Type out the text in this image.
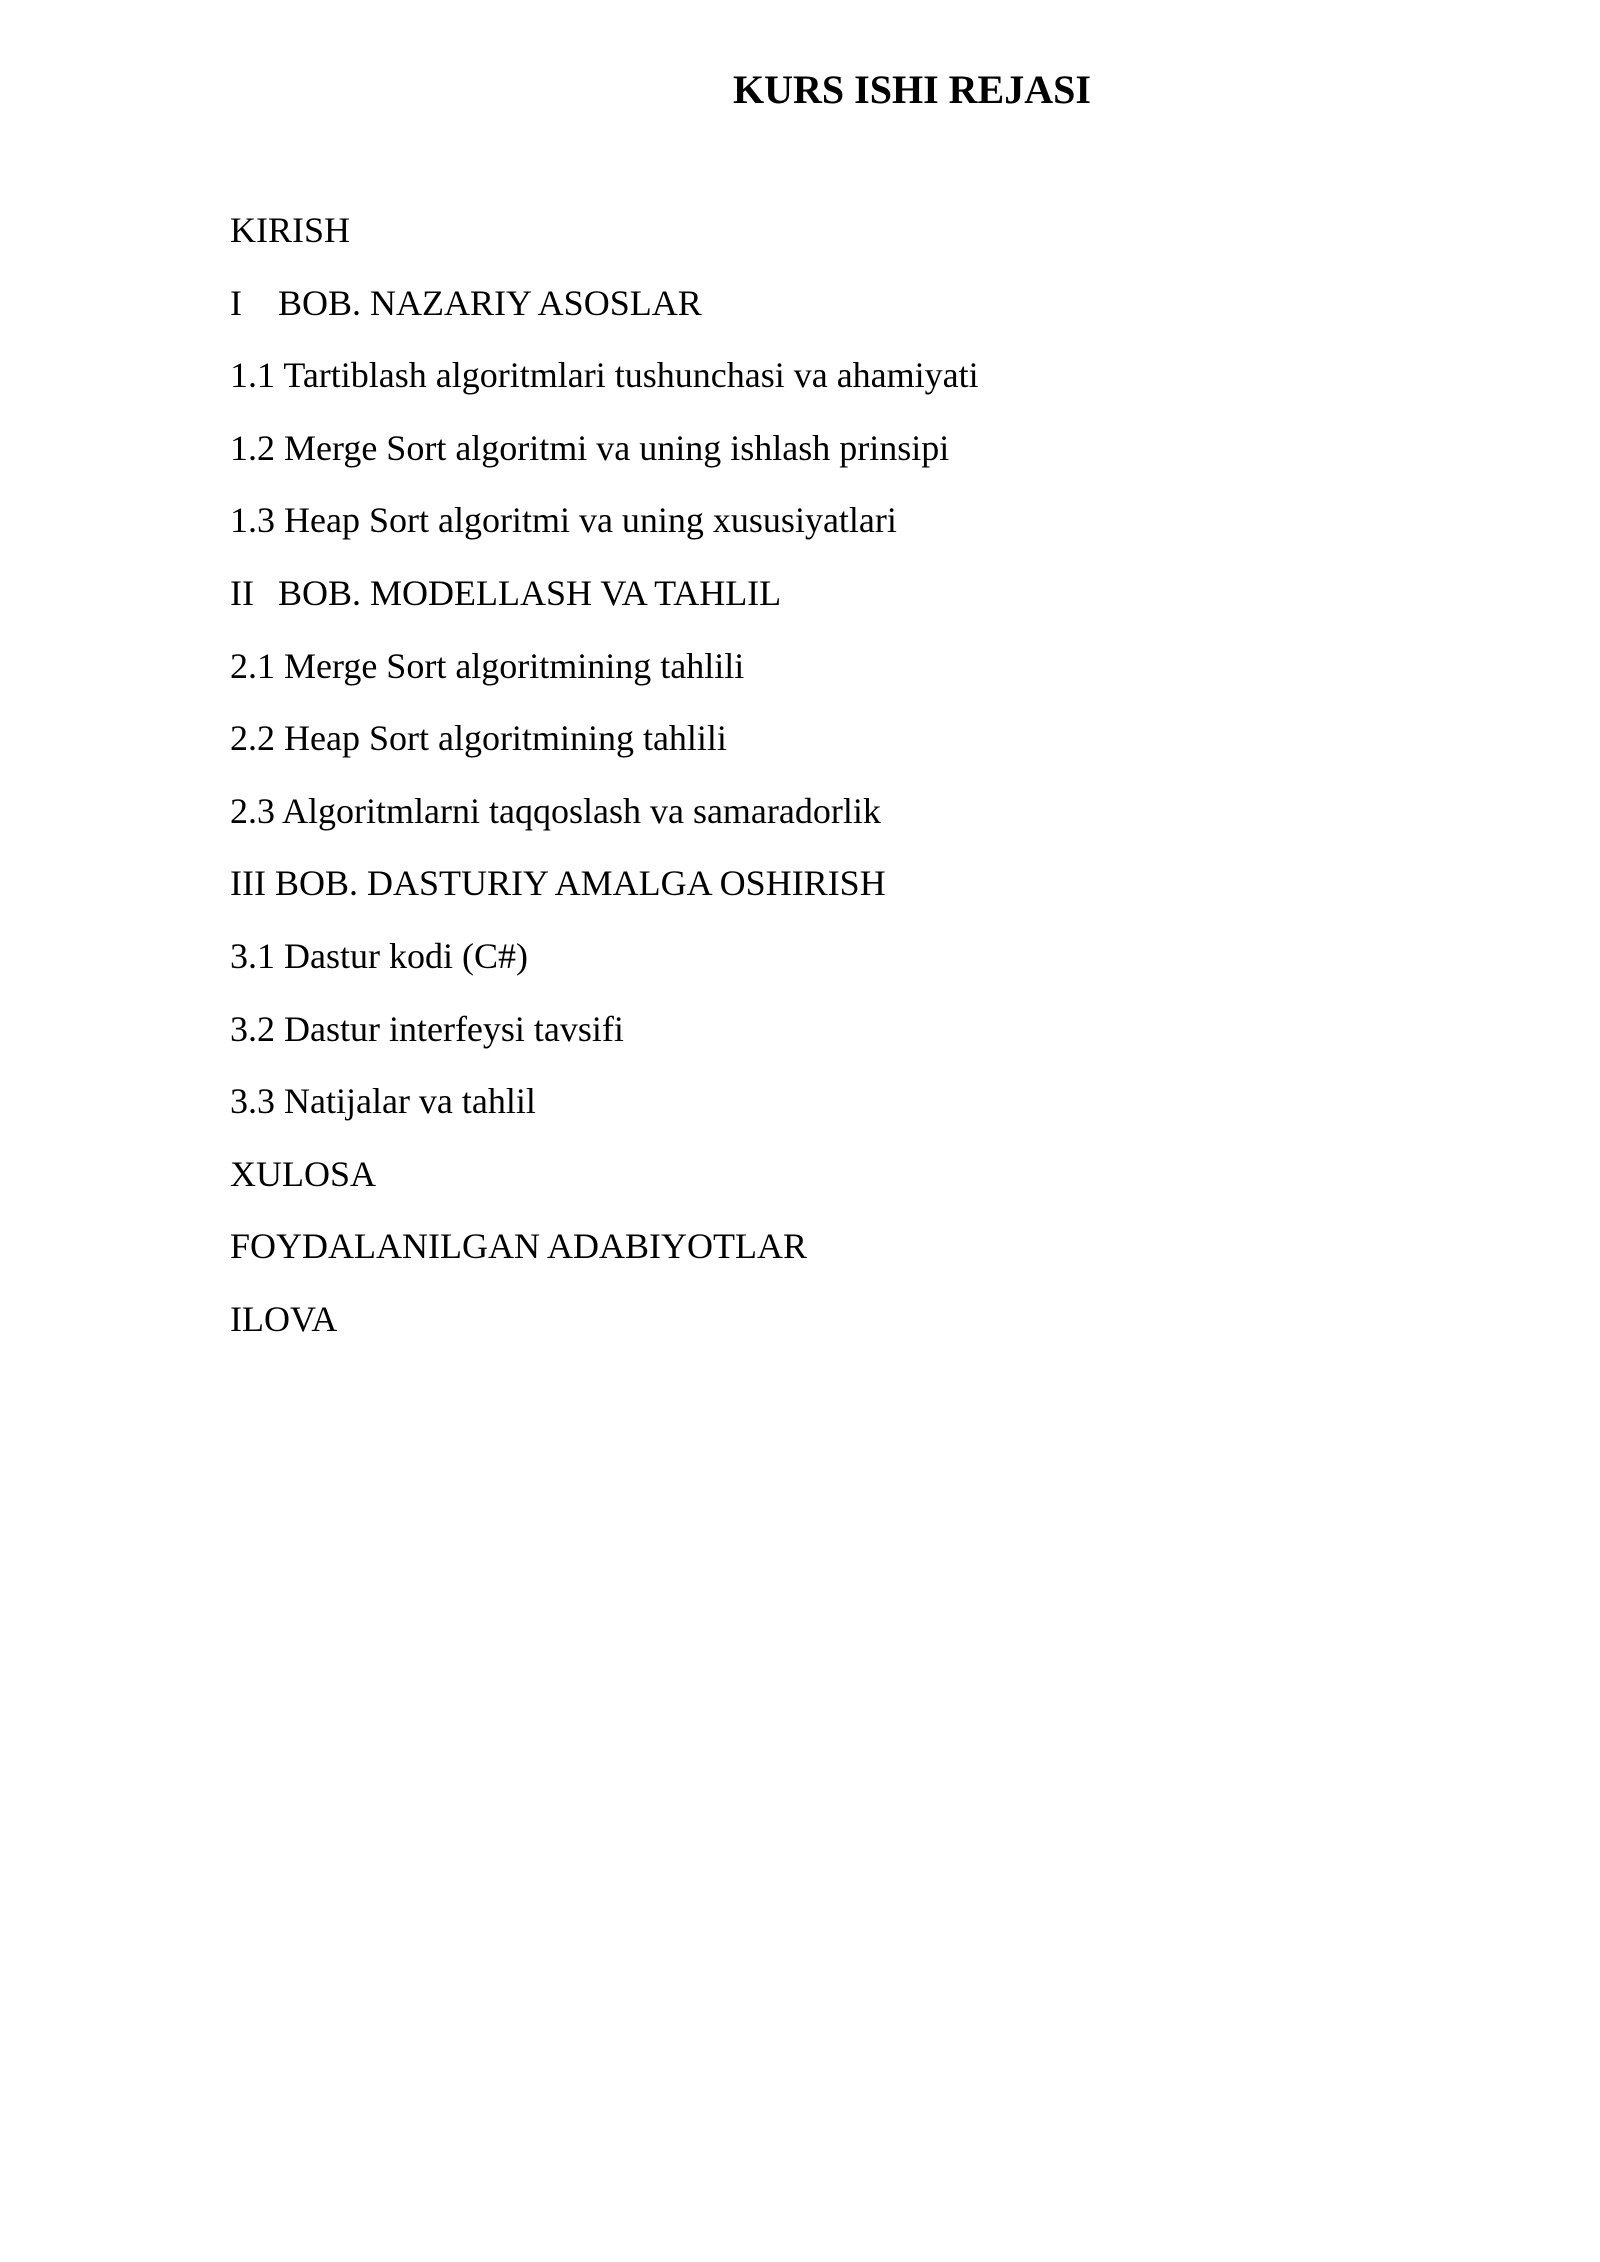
KURS ISHI REJASI
KIRISH
I BOB. NAZARIY ASOSLAR
1.1 Tartiblash algoritmlari tushunchasi va ahamiyati
1.2 Merge Sort algoritmi va uning ishlash prinsipi
1.3 Heap Sort algoritmi va uning xususiyatlari
II BOB. MODELLASH VA TAHLIL
2.1 Merge Sort algoritmining tahlili
2.2 Heap Sort algoritmining tahlili
2.3 Algoritmlarni taqqoslash va samaradorlik
III BOB. DASTURIY AMALGA OSHIRISH
3.1 Dastur kodi (C#)
3.2 Dastur interfeysi tavsifi
3.3 Natijalar va tahlil
XULOSA
FOYDALANILGAN ADABIYOTLAR
ILOVA
